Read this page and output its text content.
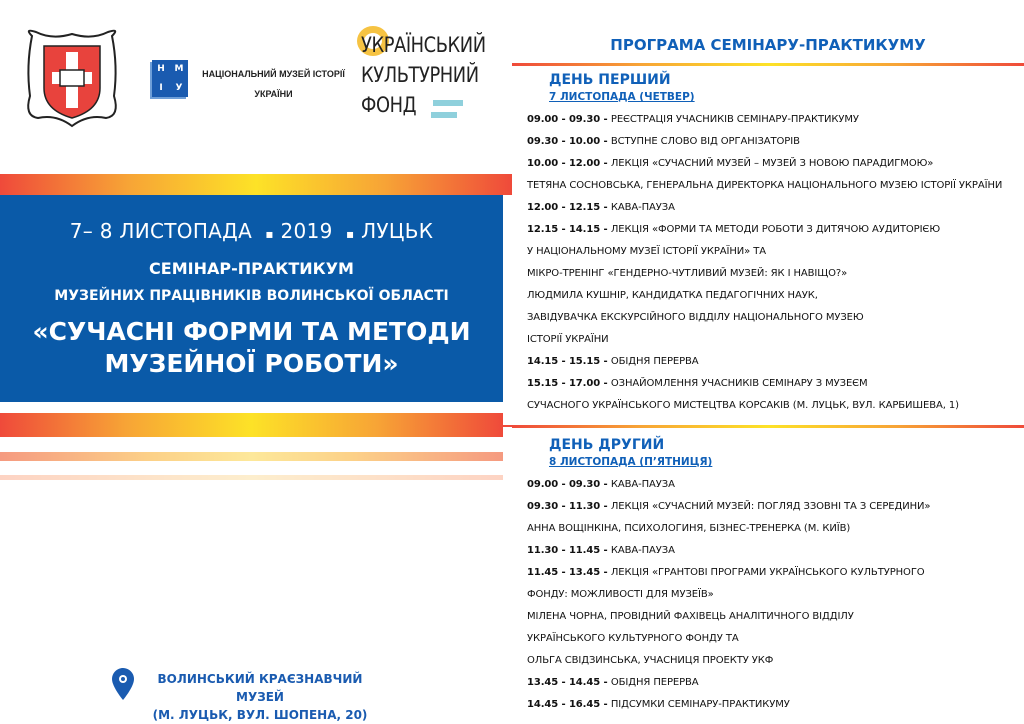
Н М
І У
НАЦІОНАЛЬНИЙ МУЗЕЙ ІСТОРІЇ
УКРАЇНИ
УКРАЇНСЬКИЙ
КУЛЬТУРНИЙ
ФОНД
7– 8 ЛИСТОПАДА ▪ 2019 ▪ ЛУЦЬК
СЕМІНАР-ПРАКТИКУМ
МУЗЕЙНИХ ПРАЦІВНИКІВ ВОЛИНСЬКОЇ ОБЛАСТІ
«СУЧАСНІ ФОРМИ ТА МЕТОДИ
МУЗЕЙНОЇ РОБОТИ»
ВОЛИНСЬКИЙ КРАЄЗНАВЧИЙ МУЗЕЙ
(М. ЛУЦЬК, ВУЛ. ШОПЕНА, 20)
ПРОГРАМА СЕМІНАРУ-ПРАКТИКУМУ
ДЕНЬ ПЕРШИЙ
7 ЛИСТОПАДА (ЧЕТВЕР)
09.00 - 09.30 - РЕЄСТРАЦІЯ УЧАСНИКІВ СЕМІНАРУ-ПРАКТИКУМУ
09.30 - 10.00 - ВСТУПНЕ СЛОВО ВІД ОРГАНІЗАТОРІВ
10.00 - 12.00 - ЛЕКЦІЯ «СУЧАСНИЙ МУЗЕЙ – МУЗЕЙ З НОВОЮ ПАРАДИГМОЮ»
ТЕТЯНА СОСНОВСЬКА, ГЕНЕРАЛЬНА ДИРЕКТОРКА НАЦІОНАЛЬНОГО МУЗЕЮ ІСТОРІЇ УКРАЇНИ
12.00 - 12.15 - КАВА-ПАУЗА
12.15 - 14.15 - ЛЕКЦІЯ «ФОРМИ ТА МЕТОДИ РОБОТИ З ДИТЯЧОЮ АУДИТОРІЄЮ
У НАЦІОНАЛЬНОМУ МУЗЕЇ ІСТОРІЇ УКРАЇНИ» ТА
МІКРО-ТРЕНІНГ «ГЕНДЕРНО-ЧУТЛИВИЙ МУЗЕЙ: ЯК І НАВІЩО?»
ЛЮДМИЛА КУШНІР, КАНДИДАТКА ПЕДАГОГІЧНИХ НАУК,
ЗАВІДУВАЧКА ЕКСКУРСІЙНОГО ВІДДІЛУ НАЦІОНАЛЬНОГО МУЗЕЮ
ІСТОРІЇ УКРАЇНИ
14.15 - 15.15 - ОБІДНЯ ПЕРЕРВА
15.15 - 17.00 - ОЗНАЙОМЛЕННЯ УЧАСНИКІВ СЕМІНАРУ З МУЗЕЄМ
СУЧАСНОГО УКРАЇНСЬКОГО МИСТЕЦТВА КОРСАКІВ (М. ЛУЦЬК, ВУЛ. КАРБИШЕВА, 1)
ДЕНЬ ДРУГИЙ
8 ЛИСТОПАДА (П’ЯТНИЦЯ)
09.00 - 09.30 - КАВА-ПАУЗА
09.30 - 11.30 - ЛЕКЦІЯ «СУЧАСНИЙ МУЗЕЙ: ПОГЛЯД ЗЗОВНІ ТА З СЕРЕДИНИ»
АННА ВОЩІНКІНА, ПСИХОЛОГИНЯ, БІЗНЕС-ТРЕНЕРКА (М. КИЇВ)
11.30 - 11.45 - КАВА-ПАУЗА
11.45 - 13.45 - ЛЕКЦІЯ «ГРАНТОВІ ПРОГРАМИ УКРАЇНСЬКОГО КУЛЬТУРНОГО
ФОНДУ: МОЖЛИВОСТІ ДЛЯ МУЗЕЇВ»
МІЛЕНА ЧОРНА, ПРОВІДНИЙ ФАХІВЕЦЬ АНАЛІТИЧНОГО ВІДДІЛУ
УКРАЇНСЬКОГО КУЛЬТУРНОГО ФОНДУ ТА
ОЛЬГА СВІДЗИНСЬКА, УЧАСНИЦЯ ПРОЕКТУ УКФ
13.45 - 14.45 - ОБІДНЯ ПЕРЕРВА
14.45 - 16.45 - ПІДСУМКИ СЕМІНАРУ-ПРАКТИКУМУ
